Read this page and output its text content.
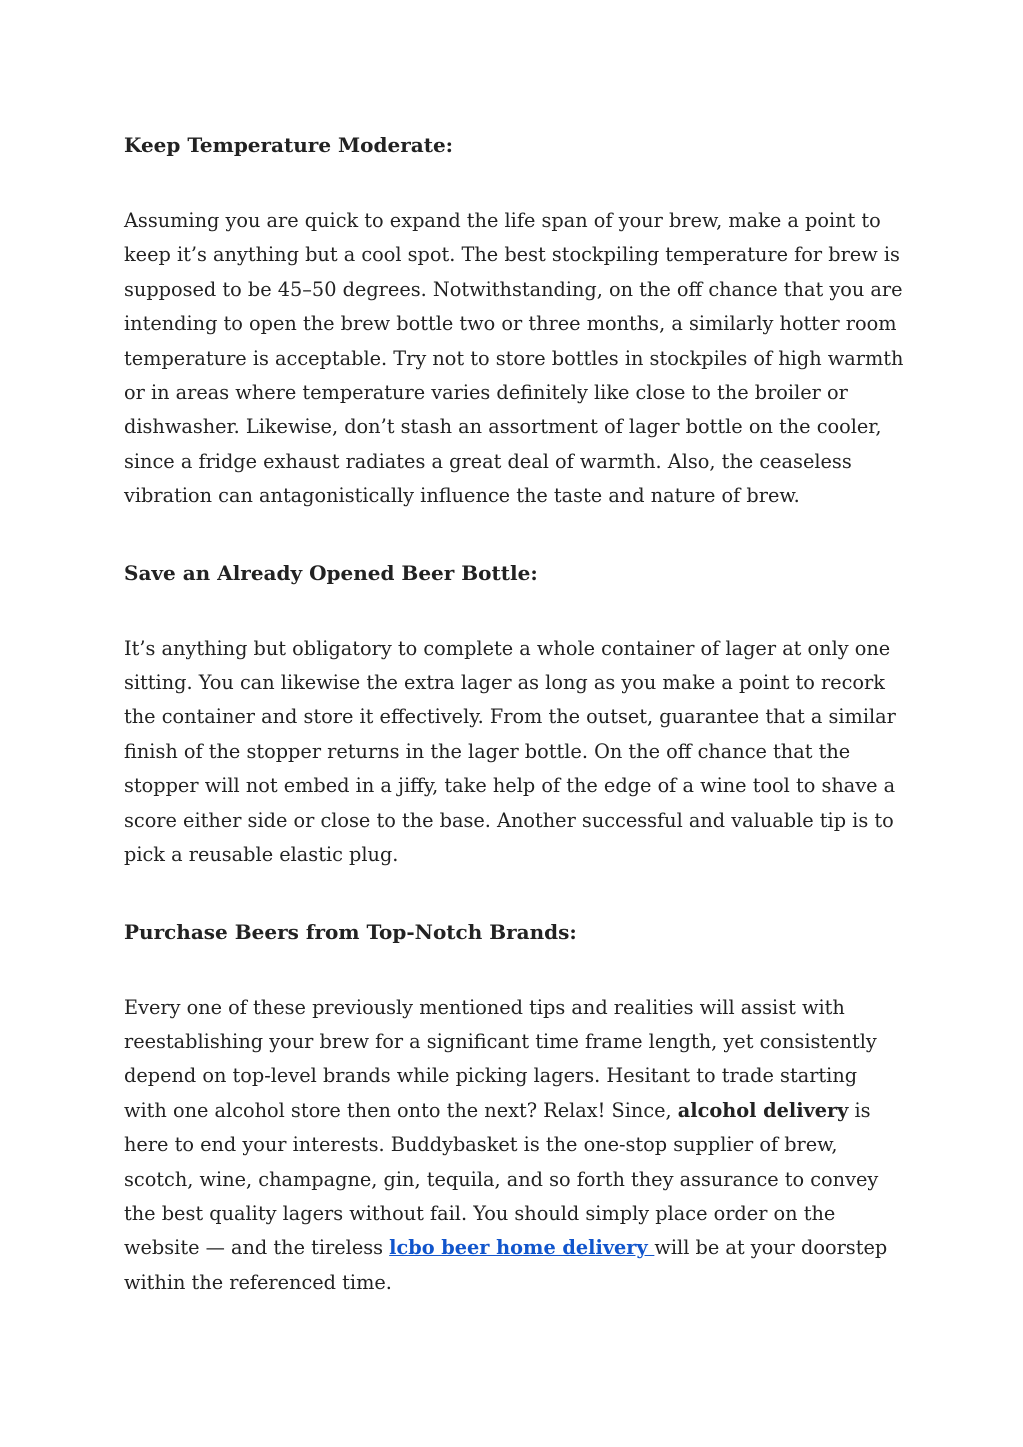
Keep Temperature Moderate:

Assuming you are quick to expand the life span of your brew, make a point to keep it’s anything but a cool spot. The best stockpiling temperature for brew is supposed to be 45–50 degrees. Notwithstanding, on the off chance that you are intending to open the brew bottle two or three months, a similarly hotter room temperature is acceptable. Try not to store bottles in stockpiles of high warmth or in areas where temperature varies definitely like close to the broiler or dishwasher. Likewise, don’t stash an assortment of lager bottle on the cooler, since a fridge exhaust radiates a great deal of warmth. Also, the ceaseless vibration can antagonistically influence the taste and nature of brew.

Save an Already Opened Beer Bottle:

It’s anything but obligatory to complete a whole container of lager at only one sitting. You can likewise the extra lager as long as you make a point to recork the container and store it effectively. From the outset, guarantee that a similar finish of the stopper returns in the lager bottle. On the off chance that the stopper will not embed in a jiffy, take help of the edge of a wine tool to shave a score either side or close to the base. Another successful and valuable tip is to pick a reusable elastic plug.

Purchase Beers from Top-Notch Brands:

Every one of these previously mentioned tips and realities will assist with reestablishing your brew for a significant time frame length, yet consistently depend on top-level brands while picking lagers. Hesitant to trade starting with one alcohol store then onto the next? Relax! Since, alcohol delivery is here to end your interests. Buddybasket is the one-stop supplier of brew, scotch, wine, champagne, gin, tequila, and so forth they assurance to convey the best quality lagers without fail. You should simply place order on the website — and the tireless lcbo beer home delivery will be at your doorstep within the referenced time.
